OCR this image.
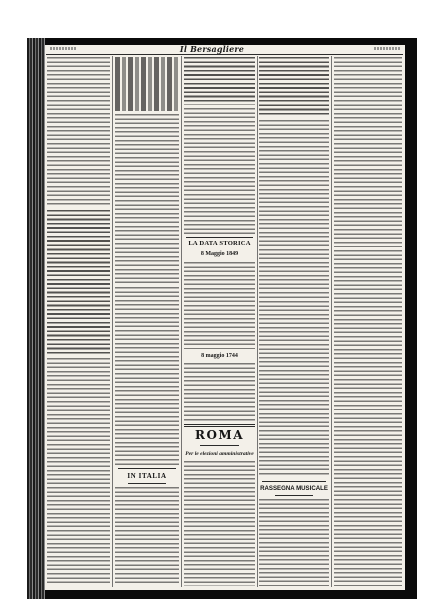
Il Bersagliere
IN ITALIA
LA DATA STORICA
8 Maggio 1849
8 maggio 1744
ROMA
Per le elezioni amministrative
RASSEGNA MUSICALE
